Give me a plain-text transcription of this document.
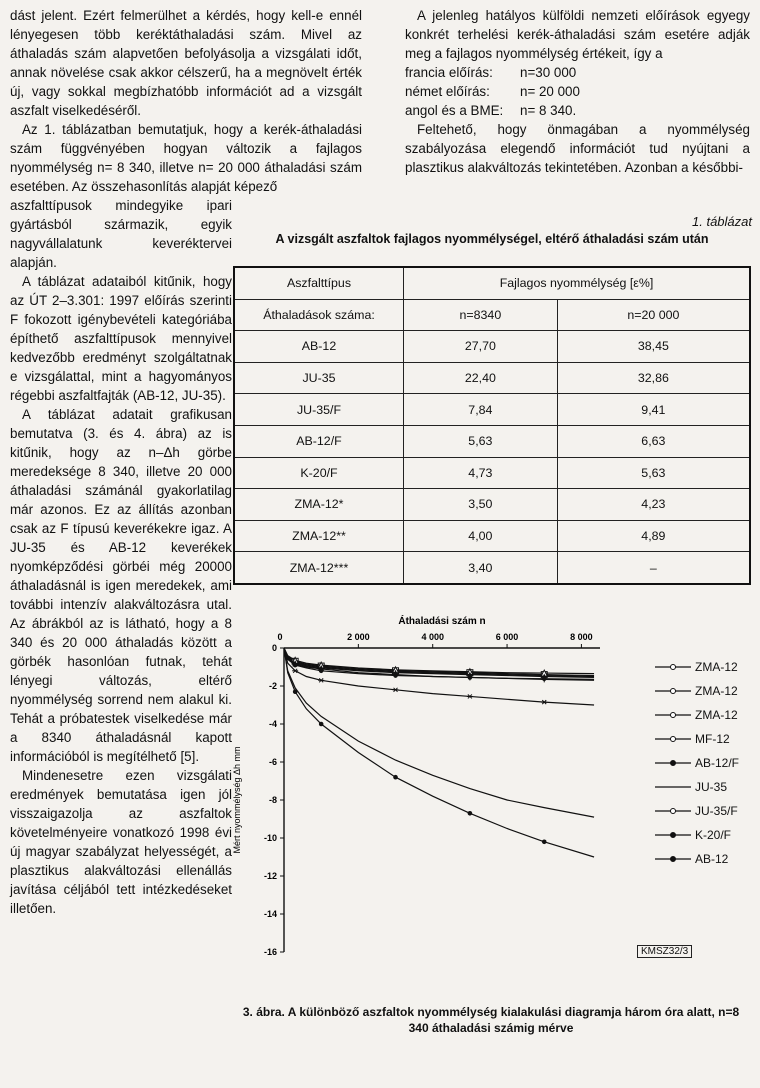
dást jelent. Ezért felmerülhet a kérdés, hogy kell-e ennél lényegesen több keréktáthaladási szám. Mivel az áthaladás szám alapvetően befolyásolja a vizsgálati időt, annak növelése csak akkor célszerű, ha a megnövelt érték új, vagy sokkal megbízhatóbb információt ad a vizsgált aszfalt viselkedéséről.

Az 1. táblázatban bemutatjuk, hogy a kerék-áthaladási szám függvényében hogyan változik a fajlagos nyommélység n= 8 340, illetve n= 20 000 áthaladási szám esetében. Az összehasonlítás alapját képező

aszfalttípusok mindegyike ipari gyártásból származik, egyik nagyvállalatunk keveréktervei alapján.

A táblázat adataiból kitűnik, hogy az ÚT 2–3.301: 1997 előírás szerinti F fokozott igénybevételi kategóriába építhető aszfalttípusok mennyivel kedvezőbb eredményt szolgáltatnak e vizsgálattal, mint a hagyományos régebbi aszfaltfajták (AB-12, JU-35).

A táblázat adatait grafikusan bemutatva (3. és 4. ábra) az is kitűnik, hogy az n–Δh görbe meredeksége 8 340, illetve 20 000 áthaladási számánál gyakorlatilag már azonos. Ez az állítás azonban csak az F típusú keverékekre igaz. A JU-35 és AB-12 keverékek nyomképződési görbéi még 20000 áthaladásnál is igen meredekek, ami további intenzív alakváltozásra utal. Az ábrákból az is látható, hogy a 8 340 és 20 000 áthaladás között a görbék hasonlóan futnak, tehát lényegi változás, eltérő nyommélység sorrend nem alakul ki. Tehát a próbatestek viselkedése már a 8340 áthaladásnál kapott információból is megítélhető [5].

Mindenesetre ezen vizsgálati eredmények bemutatása igen jól visszaigazolja az aszfaltok követelményeire vonatkozó 1998 évi új magyar szabályzat helyességét, a plasztikus alakváltozási ellenállás javítása céljából tett intézkedéseket illetően.

A jelenleg hatályos külföldi nemzeti előírások egyegy konkrét terhelési kerék-áthaladási szám esetére adják meg a fajlagos nyommélység értékeit, így a

francia előírás:	n=30 000
német előírás:	n= 20 000
angol és a BME:	n= 8 340.

Feltehető, hogy önmagában a nyommélység szabályozása elegendő információt tud nyújtani a plasztikus alakváltozás tekintetében. Azonban a későbbi-

1. táblázat
A vizsgált aszfaltok fajlagos nyommélységel, eltérő áthaladási szám után
Aszfalttípus	Fajlagos nyommélység [ε%]	
Áthaladások száma:	n=8340	n=20 000
AB-12	27,70	38,45
JU-35	22,40	32,86
JU-35/F	7,84	9,41
AB-12/F	5,63	6,63
K-20/F	4,73	5,63
ZMA-12*	3,50	4,23
ZMA-12**	4,00	4,89
ZMA-12***	3,40	–
Áthaladási szám n
Mért nyommélység Δh mm
2 000	4 000	6 000	8 000
0
0
-2
-4
-6
-8
-10
-12
-14
-16
ZMA-12
ZMA-12
ZMA-12
MF-12
AB-12/F
JU-35
JU-35/F
K-20/F
AB-12
KMSZ32/3
3. ábra. A különböző aszfaltok nyommélység kialakulási diagramja három óra alatt, n=8 340 áthaladási számig mérve
